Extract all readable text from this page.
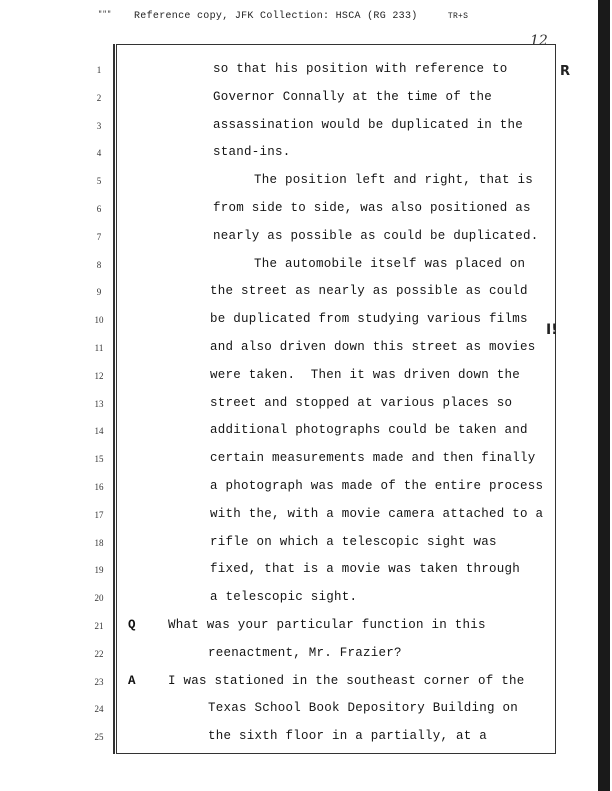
""" Reference copy, JFK Collection: HSCA (RG 233)	TR+S
12
R
I!
1	so that his position with reference to
2	Governor Connally at the time of the
3	assassination would be duplicated in the
4	stand-ins.
5	The position left and right, that is
6	from side to side, was also positioned as
7	nearly as possible as could be duplicated.
8	The automobile itself was placed on
9	the street as nearly as possible as could
10	be duplicated from studying various films
11	and also driven down this street as movies
12	were taken.  Then it was driven down the
13	street and stopped at various places so
14	additional photographs could be taken and
15	certain measurements made and then finally
16	a photograph was made of the entire process
17	with the, with a movie camera attached to a
18	rifle on which a telescopic sight was
19	fixed, that is a movie was taken through
20	a telescopic sight.
21	Q	What was your particular function in this
22	reenactment, Mr. Frazier?
23	A	I was stationed in the southeast corner of the
24	Texas School Book Depository Building on
25	the sixth floor in a partially, at a
